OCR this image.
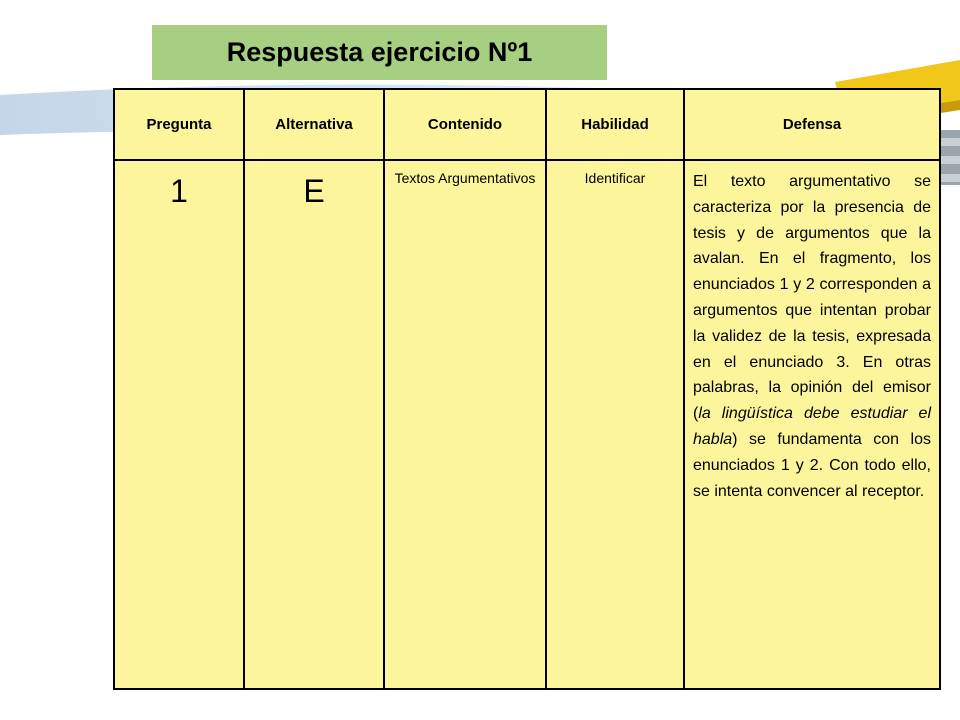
Respuesta ejercicio Nº1
Pregunta	Alternativa	Contenido	Habilidad	Defensa

1	E	Textos Argumentativos	Identificar	El texto argumentativo se caracteriza por la presencia de tesis y de argumentos que la avalan. En el fragmento, los enunciados 1 y 2 corresponden a argumentos que intentan probar la validez de la tesis, expresada en el enunciado 3. En otras palabras, la opinión del emisor (la lingüística debe estudiar el habla) se fundamenta con los enunciados 1 y 2. Con todo ello, se intenta convencer al receptor.
